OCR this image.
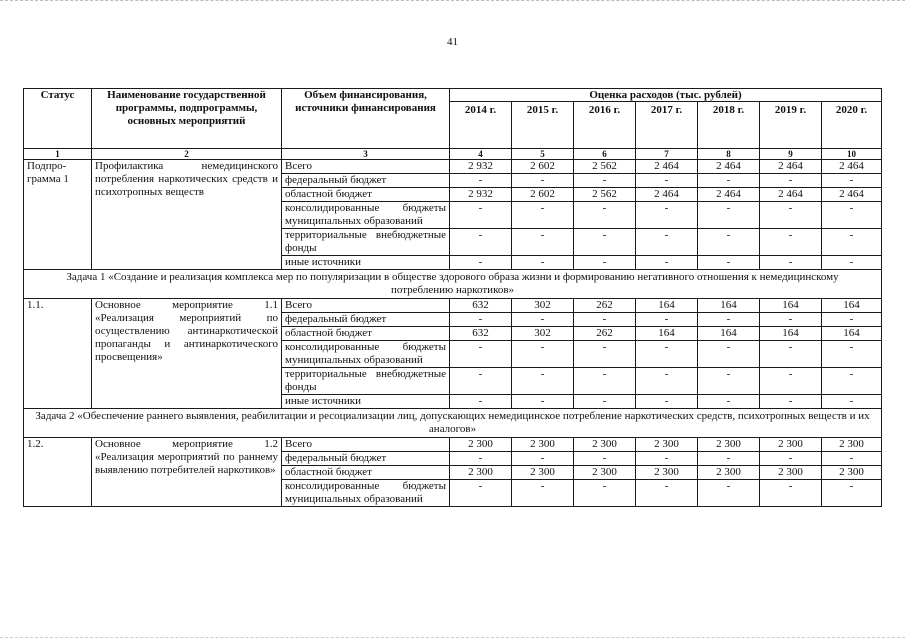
41
Статус	Наименование государственной программы, подпрограммы, основных мероприятий	Объем финансирования, источники финансирования	Оценка расходов (тыс. рублей)						
			2014 г.	2015 г.	2016 г.	2017 г.	2018 г.	2019 г.	2020 г.
1	2	3	4	5	6	7	8	9	10
Подпро-грамма 1	Профилактика немедицинского потребления наркотических средств и психотропных веществ	Всего	2 932	2 602	2 562	2 464	2 464	2 464	2 464
		федеральный бюджет	-	-	-	-	-	-	-
		областной бюджет	2 932	2 602	2 562	2 464	2 464	2 464	2 464
		консолидированные бюджеты муниципальных образований	-	-	-	-	-	-	-
		территориальные внебюджетные фонды	-	-	-	-	-	-	-
		иные источники	-	-	-	-	-	-	-
Задача 1 «Создание и реализация комплекса мер по популяризации в обществе здорового образа жизни и формированию негативного отношения к немедицинскому потреблению наркотиков»									
1.1.	Основное мероприятие 1.1 «Реализация мероприятий по осуществлению антинаркотической пропаганды и антинаркотического просвещения»	Всего	632	302	262	164	164	164	164
		федеральный бюджет	-	-	-	-	-	-	-
		областной бюджет	632	302	262	164	164	164	164
		консолидированные бюджеты муниципальных образований	-	-	-	-	-	-	-
		территориальные внебюджетные фонды	-	-	-	-	-	-	-
		иные источники	-	-	-	-	-	-	-
Задача 2 «Обеспечение раннего выявления, реабилитации и ресоциализации лиц, допускающих немедицинское потребление наркотических средств, психотропных веществ и их аналогов»									
1.2.	Основное мероприятие 1.2 «Реализация мероприятий по раннему выявлению потребителей наркотиков»	Всего	2 300	2 300	2 300	2 300	2 300	2 300	2 300
		федеральный бюджет	-	-	-	-	-	-	-
		областной бюджет	2 300	2 300	2 300	2 300	2 300	2 300	2 300
		консолидированные бюджеты муниципальных образований	-	-	-	-	-	-	-
